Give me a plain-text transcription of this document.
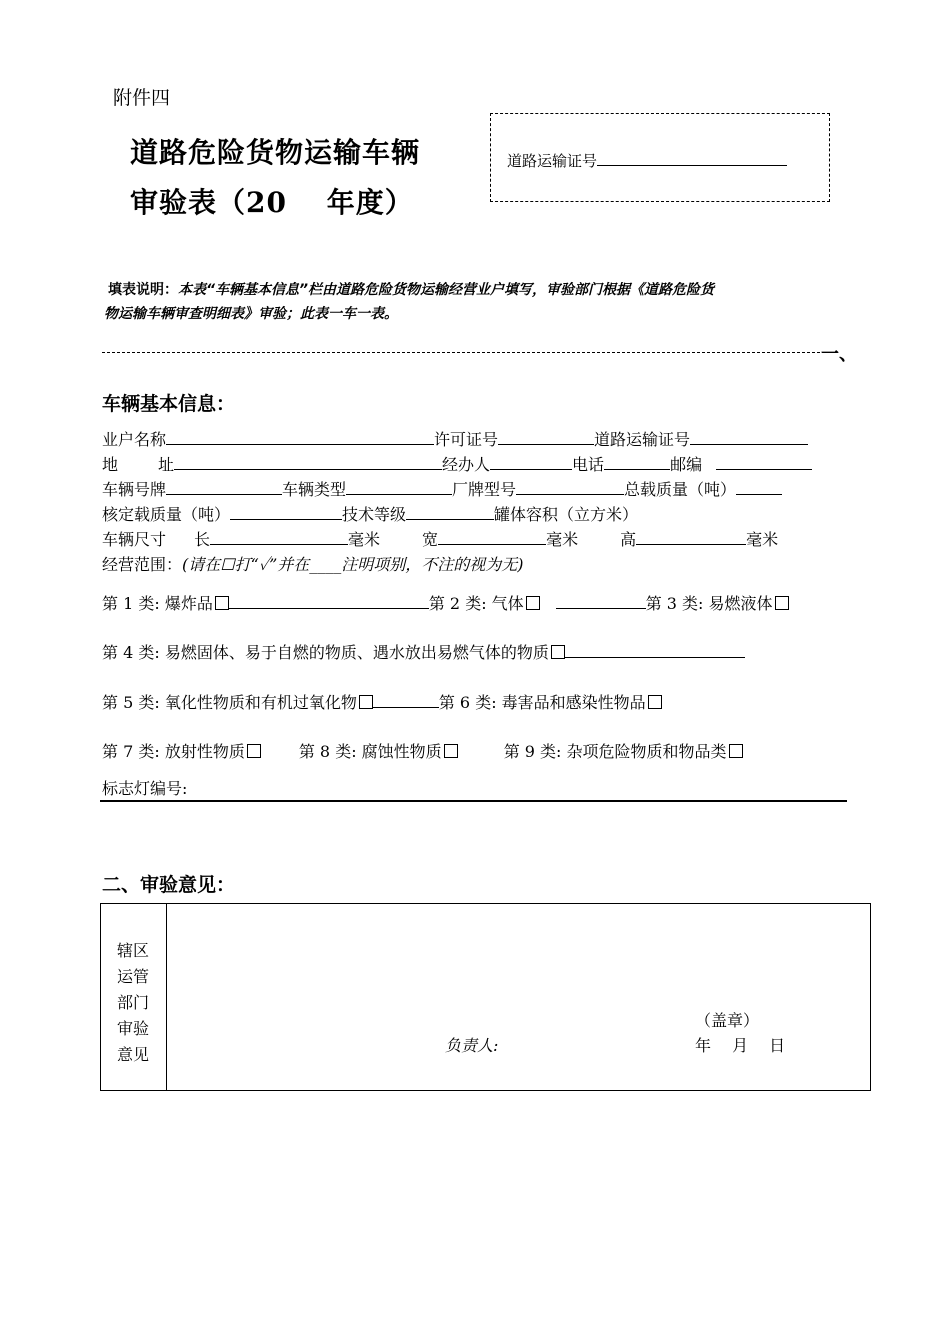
附件四
道路危险货物运输车辆
审验表（20　 年度）
道路运输证号
填表说明：本表“车辆基本信息”栏由道路危险货物运输经营业户填写，审验部门根据《道路危险货
物运输车辆审查明细表》审验；此表一车一表。
一、
车辆基本信息：
业户名称	许可证号	道路运输证号
地	址	经办人	电话	邮编
车辆号牌	车辆类型	厂牌型号	总载质量（吨）
核定载质量（吨）	技术等级	罐体容积（立方米）
车辆尺寸 长	毫米	宽	毫米	高	毫米
经营范围：(请在☐打“✓”并在____注明项别，不注的视为无)
第 1 类: 爆炸品	第 2 类: 气体	第 3 类: 易燃液体
第 4 类: 易燃固体、易于自燃的物质、遇水放出易燃气体的物质
第 5 类: 氧化性物质和有机过氧化物	第 6 类: 毒害品和感染性物品
第 7 类: 放射性物质	第 8 类: 腐蚀性物质	第 9 类: 杂项危险物质和物品类
标志灯编号:
二、审验意见：
辖区
运管
部门
审验
意见
（盖章）
负责人:	年　 月　 日
